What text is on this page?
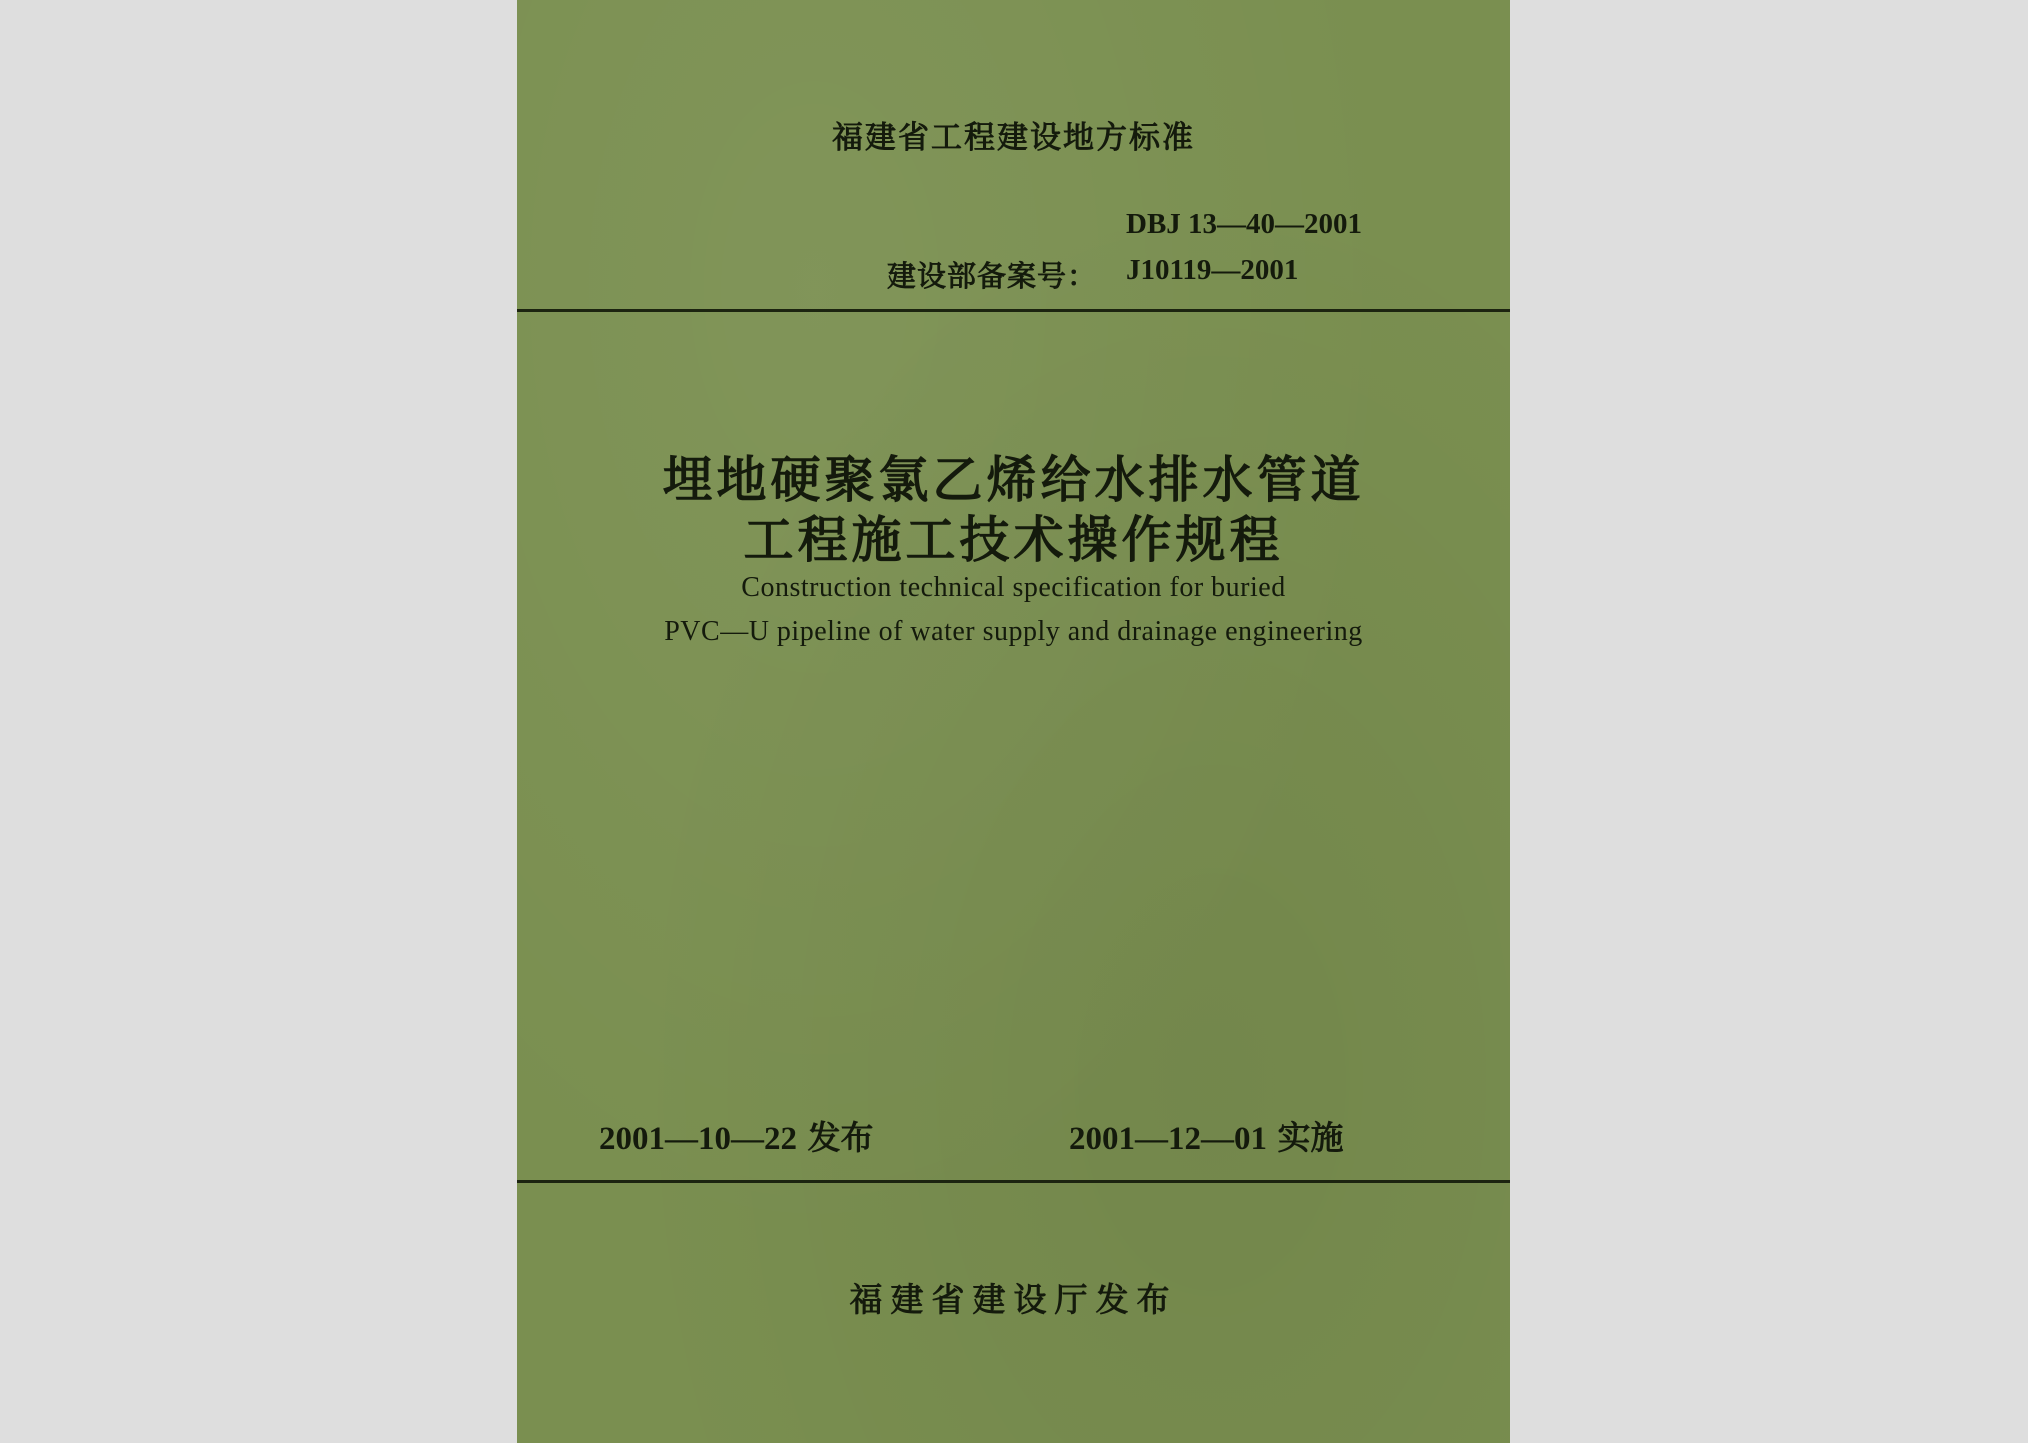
福建省工程建设地方标准
DBJ 13—40—2001
建设部备案号： J10119—2001
埋地硬聚氯乙烯给水排水管道
工程施工技术操作规程
Construction technical specification for buried
PVC—U pipeline of water supply and drainage engineering
2001—10—22 发布	2001—12—01 实施
福建省建设厅发布
